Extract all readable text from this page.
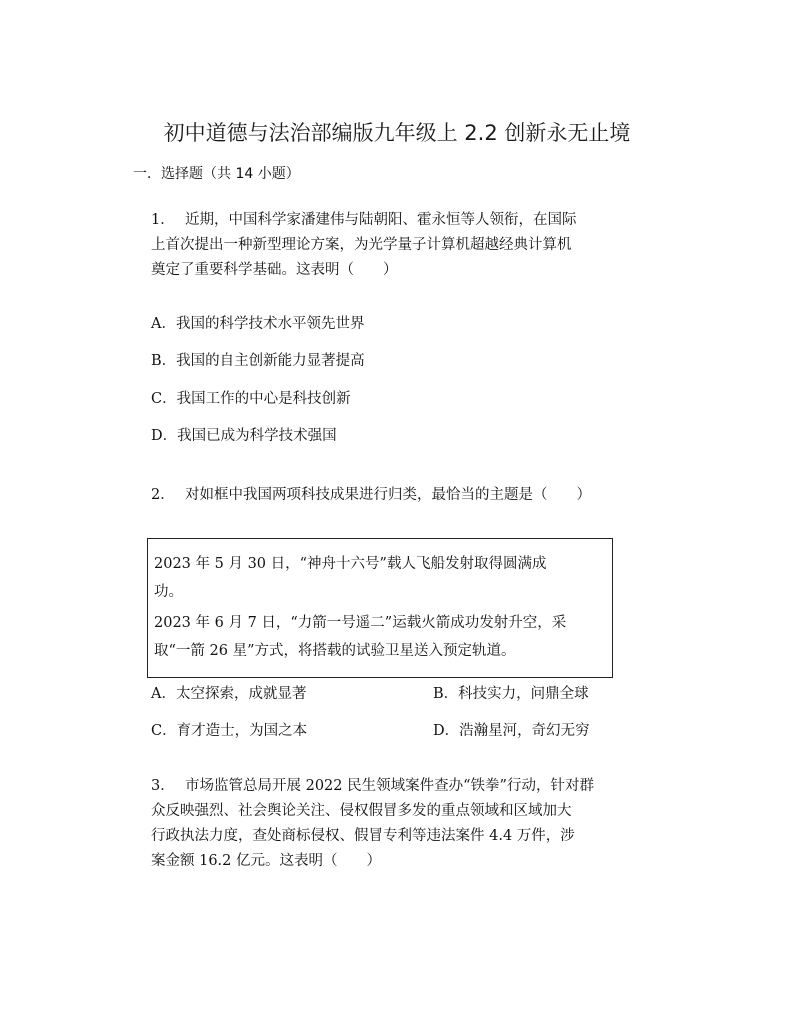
初中道德与法治部编版九年级上 2.2 创新永无止境
一．选择题（共 14 小题）
1． 近期，中国科学家潘建伟与陆朝阳、霍永恒等人领衔，在国际
上首次提出一种新型理论方案，为光学量子计算机超越经典计算机
奠定了重要科学基础。这表明（　　）
A．我国的科学技术水平领先世界
B．我国的自主创新能力显著提高
C．我国工作的中心是科技创新
D．我国已成为科学技术强国
2． 对如框中我国两项科技成果进行归类，最恰当的主题是（　　）
2023 年 5 月 30 日，“神舟十六号”载人飞船发射取得圆满成
功。
2023 年 6 月 7 日，“力箭一号遥二”运载火箭成功发射升空，采
取“一箭 26 星”方式，将搭载的试验卫星送入预定轨道。
A．太空探索，成就显著	B．科技实力，问鼎全球
C．育才造士，为国之本	D．浩瀚星河，奇幻无穷
3． 市场监管总局开展 2022 民生领域案件查办“铁拳”行动，针对群
众反映强烈、社会舆论关注、侵权假冒多发的重点领域和区域加大
行政执法力度，查处商标侵权、假冒专利等违法案件 4.4 万件，涉
案金额 16.2 亿元。这表明（　　）
